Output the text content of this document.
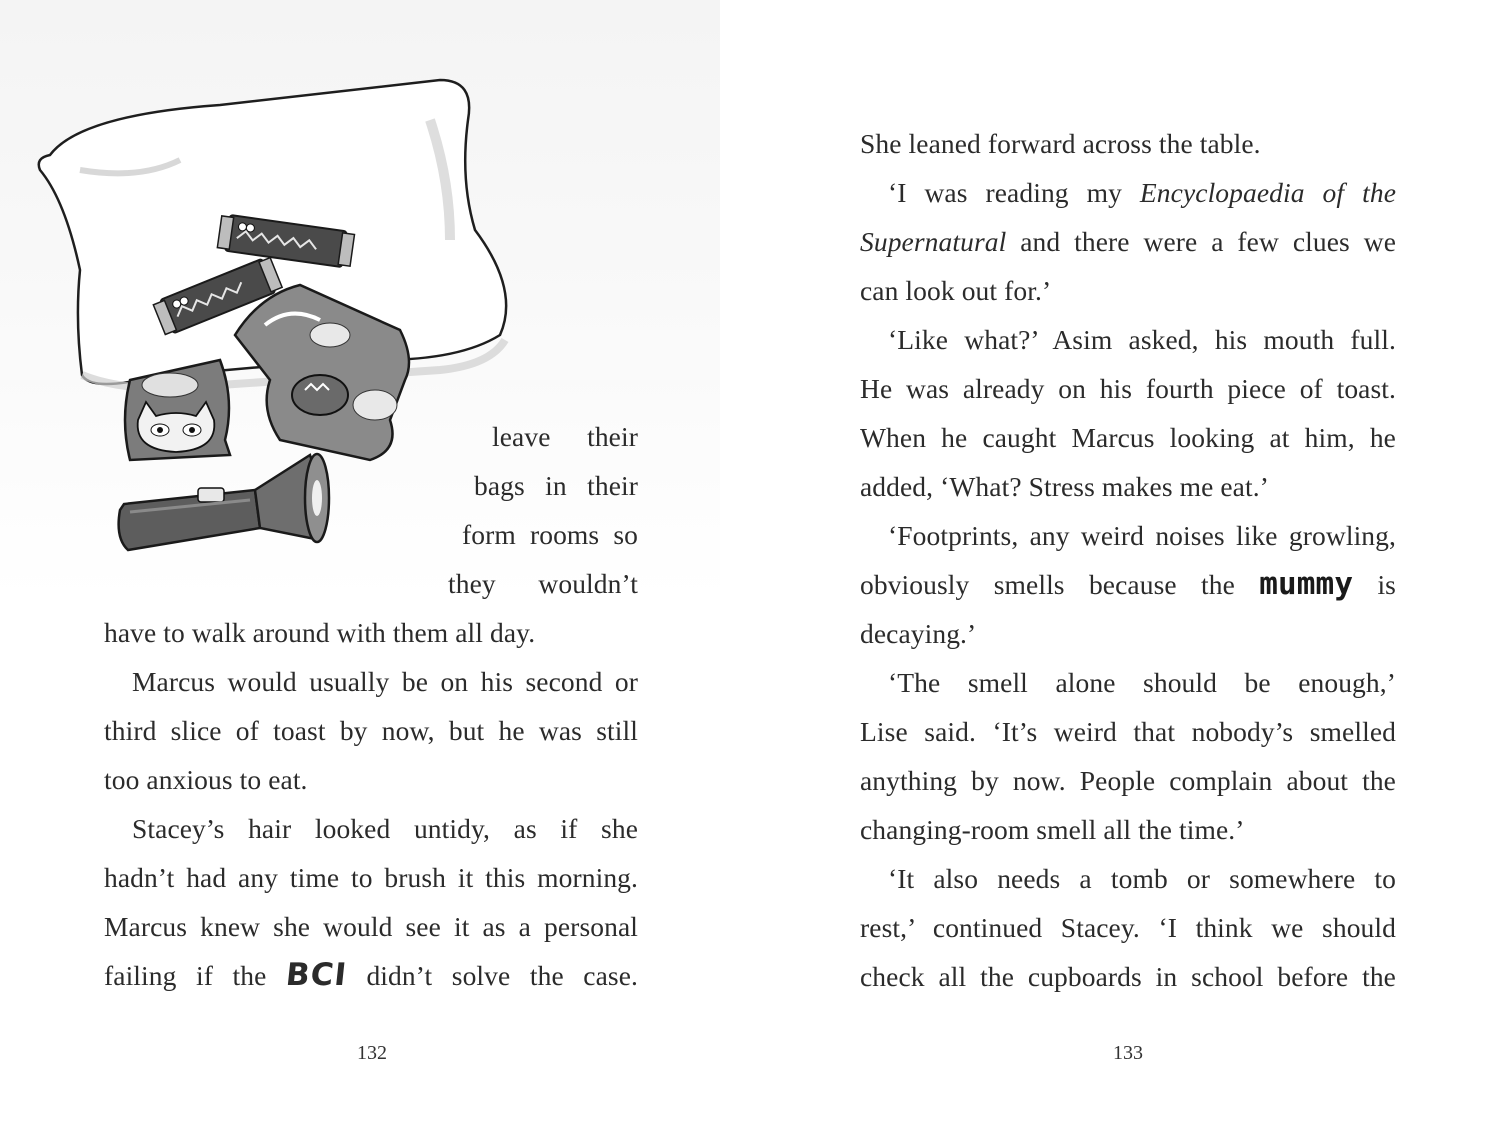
leave their
bags in their
form rooms so
they wouldn’t
have to walk around with them all day.
Marcus would usually be on his second or
third slice of toast by now, but he was still
too anxious to eat.
Stacey’s hair looked untidy, as if she
hadn’t had any time to brush it this morning.
Marcus knew she would see it as a personal
failing if the BCI didn’t solve the case.
132
She leaned forward across the table.
‘I was reading my Encyclopaedia of the
Supernatural and there were a few clues we
can look out for.’
‘Like what?’ Asim asked, his mouth full.
He was already on his fourth piece of toast.
When he caught Marcus looking at him, he
added, ‘What? Stress makes me eat.’
‘Footprints, any weird noises like growling,
obviously smells because the mummy is
decaying.’
‘The smell alone should be enough,’
Lise said. ‘It’s weird that nobody’s smelled
anything by now. People complain about the
changing-room smell all the time.’
‘It also needs a tomb or somewhere to
rest,’ continued Stacey. ‘I think we should
check all the cupboards in school before the
133
